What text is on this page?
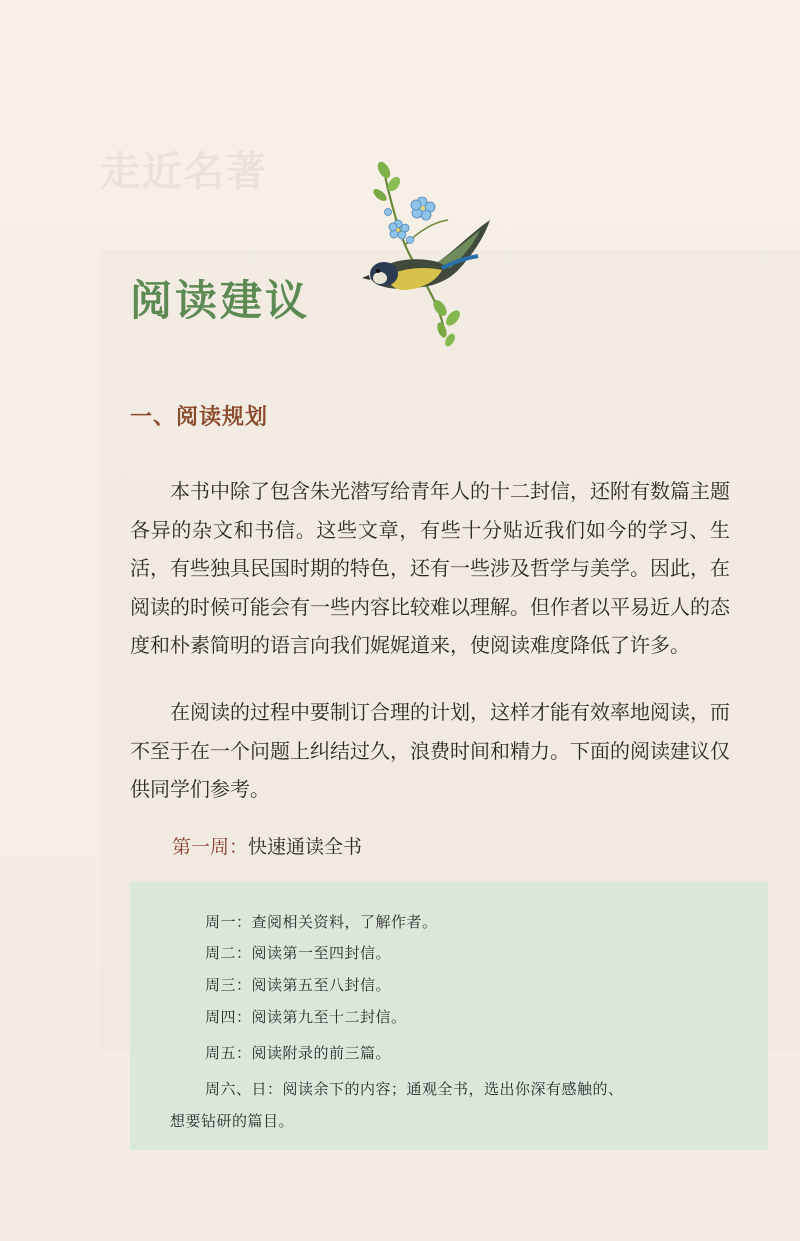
走近名著
阅读建议
一、阅读规划

本书中除了包含朱光潜写给青年人的十二封信，还附有数篇主题各异的杂文和书信。这些文章，有些十分贴近我们如今的学习、生活，有些独具民国时期的特色，还有一些涉及哲学与美学。因此，在阅读的时候可能会有一些内容比较难以理解。但作者以平易近人的态度和朴素简明的语言向我们娓娓道来，使阅读难度降低了许多。

在阅读的过程中要制订合理的计划，这样才能有效率地阅读，而不至于在一个问题上纠结过久，浪费时间和精力。下面的阅读建议仅供同学们参考。

第一周：快速通读全书
周一：查阅相关资料，了解作者。
周二：阅读第一至四封信。
周三：阅读第五至八封信。
周四：阅读第九至十二封信。
周五：阅读附录的前三篇。
周六、日：阅读余下的内容；通观全书，选出你深有感触的、
想要钻研的篇目。
